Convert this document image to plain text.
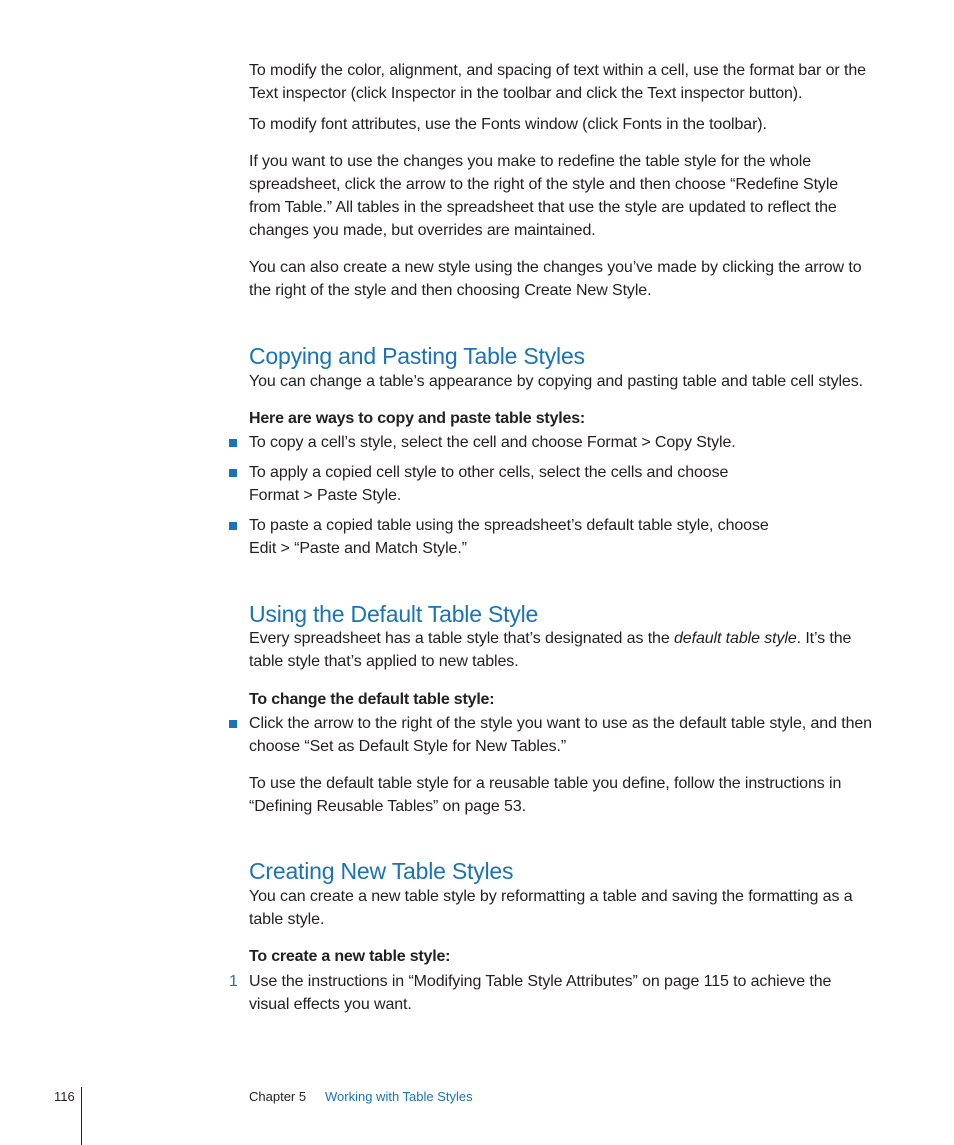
To modify the color, alignment, and spacing of text within a cell, use the format bar or the Text inspector (click Inspector in the toolbar and click the Text inspector button).

To modify font attributes, use the Fonts window (click Fonts in the toolbar).

If you want to use the changes you make to redefine the table style for the whole spreadsheet, click the arrow to the right of the style and then choose “Redefine Style from Table.” All tables in the spreadsheet that use the style are updated to reflect the changes you made, but overrides are maintained.

You can also create a new style using the changes you’ve made by clicking the arrow to the right of the style and then choosing Create New Style.

Copying and Pasting Table Styles

You can change a table’s appearance by copying and pasting table and table cell styles.

Here are ways to copy and paste table styles:

To copy a cell’s style, select the cell and choose Format > Copy Style.

To apply a copied cell style to other cells, select the cells and choose Format > Paste Style.

To paste a copied table using the spreadsheet’s default table style, choose Edit > “Paste and Match Style.”

Using the Default Table Style

Every spreadsheet has a table style that’s designated as the default table style. It’s the table style that’s applied to new tables.

To change the default table style:

Click the arrow to the right of the style you want to use as the default table style, and then choose “Set as Default Style for New Tables.”

To use the default table style for a reusable table you define, follow the instructions in “Defining Reusable Tables” on page 53.

Creating New Table Styles

You can create a new table style by reformatting a table and saving the formatting as a table style.

To create a new table style:

1 Use the instructions in “Modifying Table Style Attributes” on page 115 to achieve the visual effects you want.

116	Chapter 5 Working with Table Styles
